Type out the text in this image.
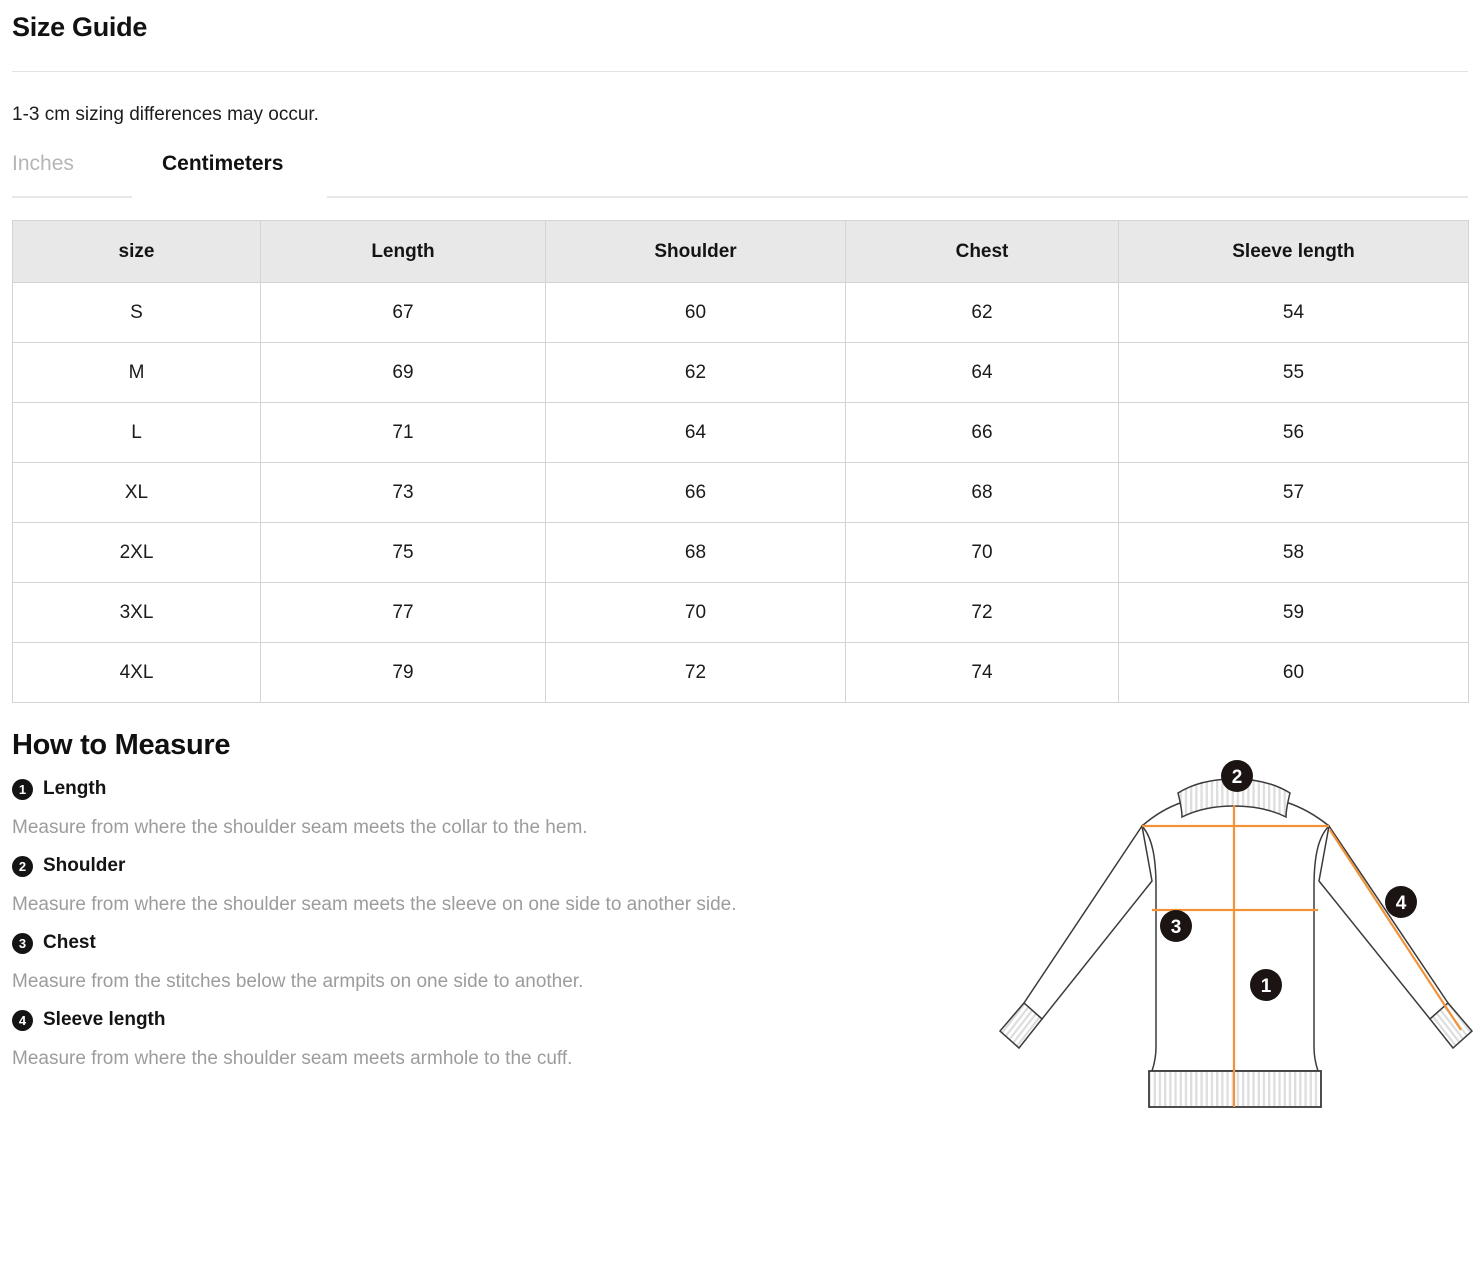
Size Guide
1-3 cm sizing differences may occur.
Inches	Centimeters
size	Length	Shoulder	Chest	Sleeve length
S	67	60	62	54
M	69	62	64	55
L	71	64	66	56
XL	73	66	68	57
2XL	75	68	70	58
3XL	77	70	72	59
4XL	79	72	74	60
How to Measure
1 Length
Measure from where the shoulder seam meets the collar to the hem.
2 Shoulder
Measure from where the shoulder seam meets the sleeve on one side to another side.
3 Chest
Measure from the stitches below the armpits on one side to another.
4 Sleeve length
Measure from where the shoulder seam meets armhole to the cuff.
2
3
1
4
